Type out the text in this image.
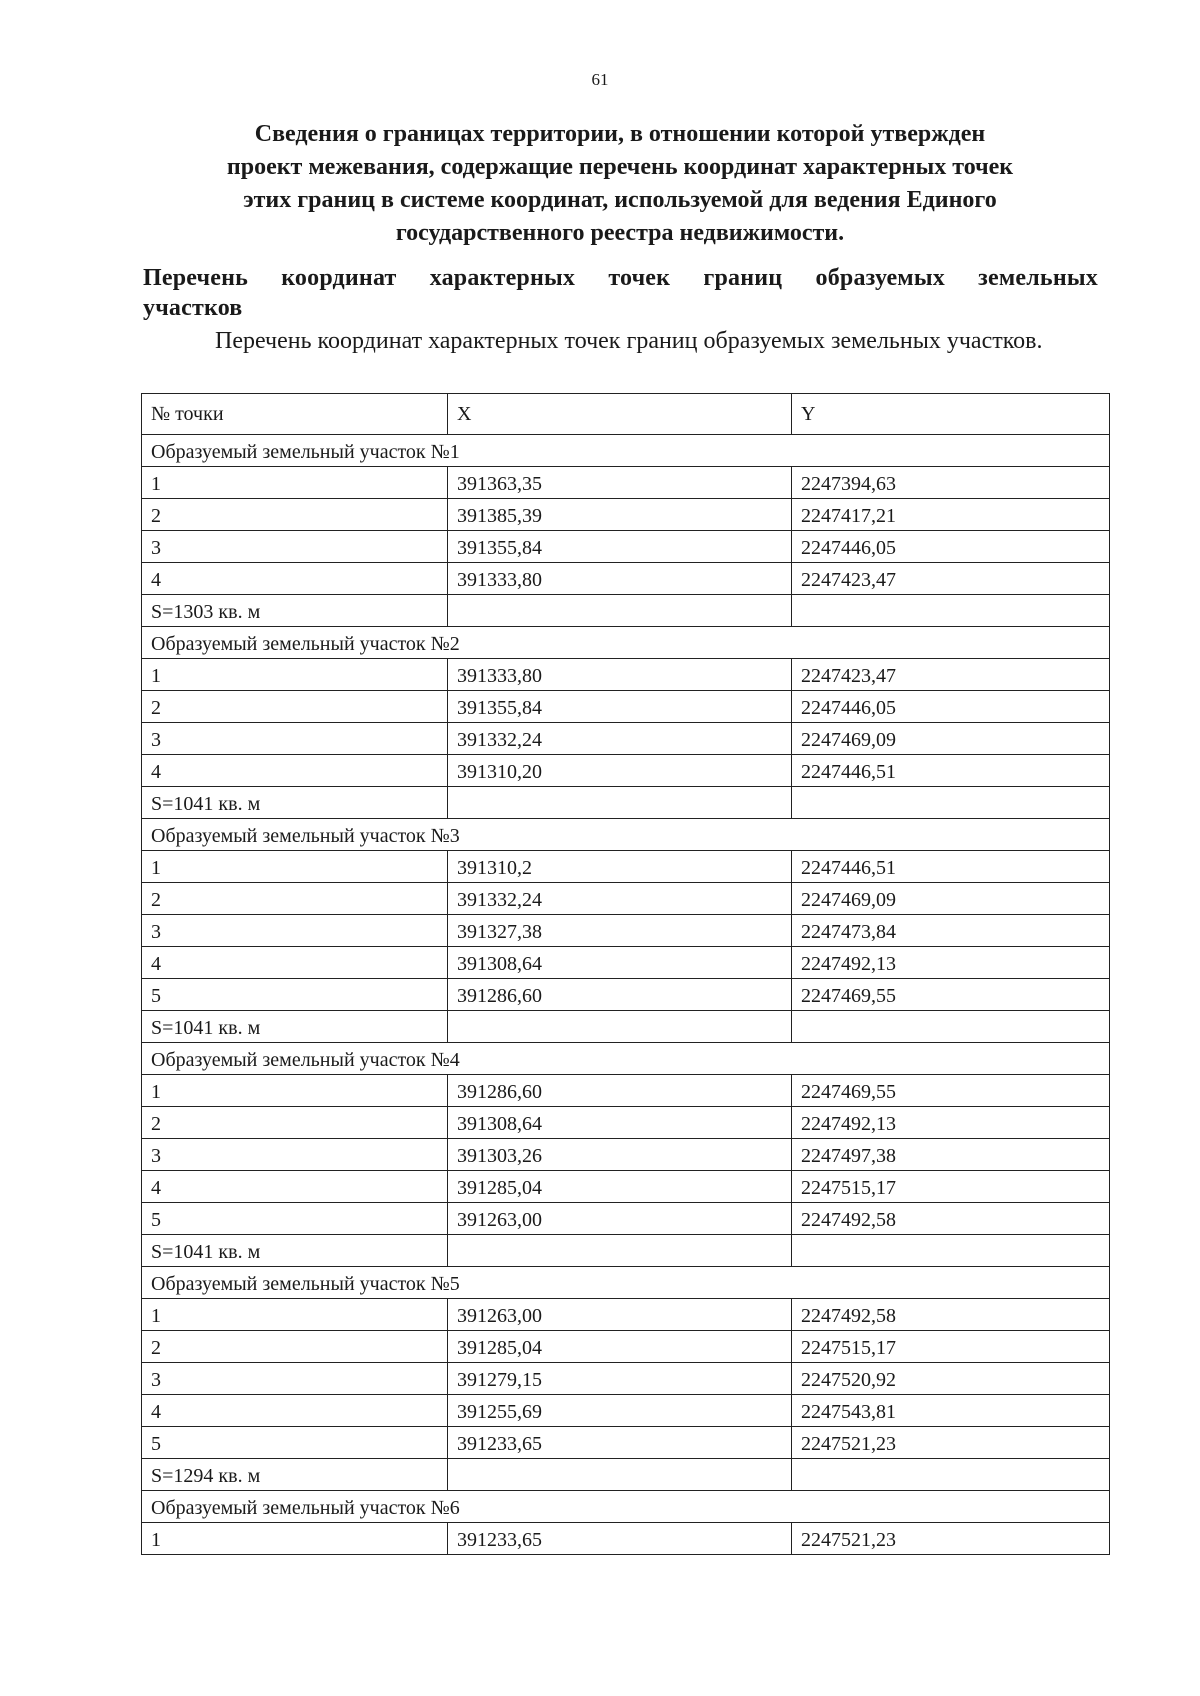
61
Сведения о границах территории, в отношении которой утвержден
проект межевания, содержащие перечень координат характерных точек
этих границ в системе координат, используемой для ведения Единого
государственного реестра недвижимости.
Перечень координат характерных точек границ образуемых земельных
участков
Перечень координат характерных точек границ образуемых земельных участков.
№ точки	X	Y
Образуемый земельный участок №1		
1	391363,35	2247394,63
2	391385,39	2247417,21
3	391355,84	2247446,05
4	391333,80	2247423,47
S=1303 кв. м		
Образуемый земельный участок №2		
1	391333,80	2247423,47
2	391355,84	2247446,05
3	391332,24	2247469,09
4	391310,20	2247446,51
S=1041 кв. м		
Образуемый земельный участок №3		
1	391310,2	2247446,51
2	391332,24	2247469,09
3	391327,38	2247473,84
4	391308,64	2247492,13
5	391286,60	2247469,55
S=1041 кв. м		
Образуемый земельный участок №4		
1	391286,60	2247469,55
2	391308,64	2247492,13
3	391303,26	2247497,38
4	391285,04	2247515,17
5	391263,00	2247492,58
S=1041 кв. м		
Образуемый земельный участок №5		
1	391263,00	2247492,58
2	391285,04	2247515,17
3	391279,15	2247520,92
4	391255,69	2247543,81
5	391233,65	2247521,23
S=1294 кв. м		
Образуемый земельный участок №6		
1	391233,65	2247521,23
